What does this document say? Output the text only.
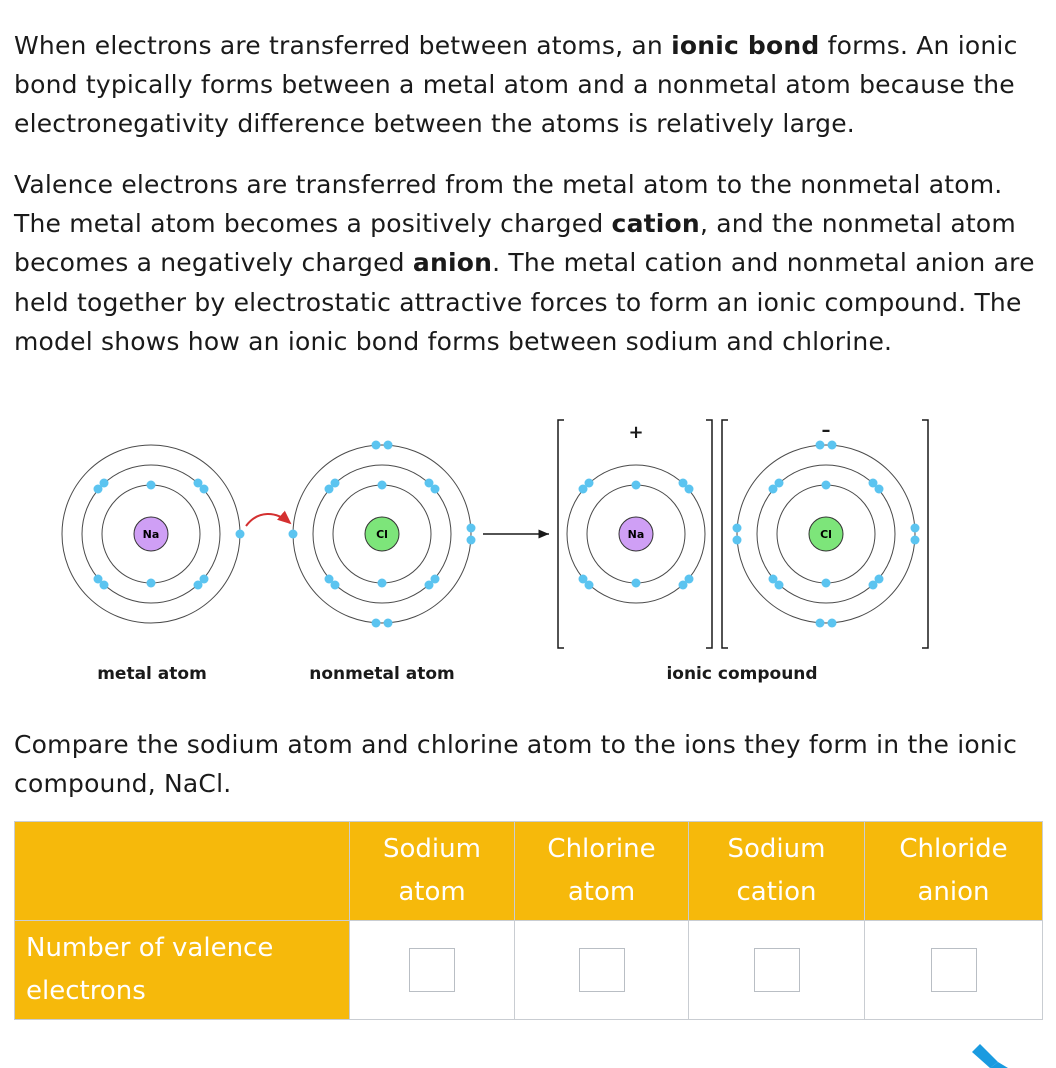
When electrons are transferred between atoms, an ionic bond forms. An ionic bond typically forms between a metal atom and a nonmetal atom because the electronegativity difference between the atoms is relatively large.

Valence electrons are transferred from the metal atom to the nonmetal atom. The metal atom becomes a positively charged cation, and the nonmetal atom becomes a negatively charged anion. The metal cation and nonmetal anion are held together by electrostatic attractive forces to form an ionic compound. The model shows how an ionic bond forms between sodium and chlorine.

Na	Cl
+
Na
–
Cl
metal atom	nonmetal atom	ionic compound

Compare the sodium atom and chlorine atom to the ions they form in the ionic compound, NaCl.

	Sodium atom	Chlorine atom	Sodium cation	Chloride anion
Number of valence electrons				
